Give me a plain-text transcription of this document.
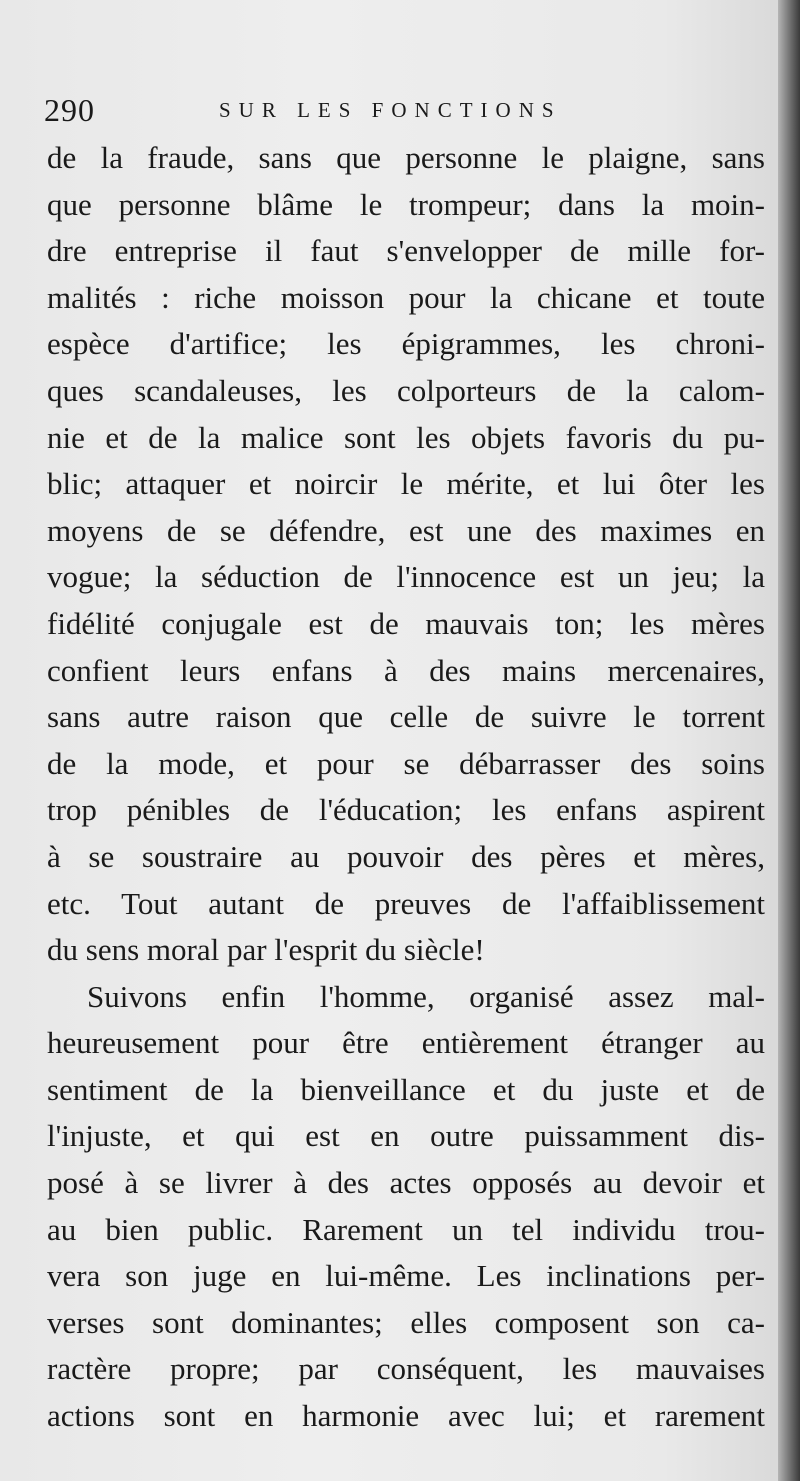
290	SUR LES FONCTIONS
de la fraude, sans que personne le plaigne, sans
que personne blâme le trompeur; dans la moin-
dre entreprise il faut s'envelopper de mille for-
malités : riche moisson pour la chicane et toute
espèce d'artifice; les épigrammes, les chroni-
ques scandaleuses, les colporteurs de la calom-
nie et de la malice sont les objets favoris du pu-
blic; attaquer et noircir le mérite, et lui ôter les
moyens de se défendre, est une des maximes en
vogue; la séduction de l'innocence est un jeu; la
fidélité conjugale est de mauvais ton; les mères
confient leurs enfans à des mains mercenaires,
sans autre raison que celle de suivre le torrent
de la mode, et pour se débarrasser des soins
trop pénibles de l'éducation; les enfans aspirent
à se soustraire au pouvoir des pères et mères,
etc. Tout autant de preuves de l'affaiblissement
du sens moral par l'esprit du siècle!
Suivons enfin l'homme, organisé assez mal-
heureusement pour être entièrement étranger au
sentiment de la bienveillance et du juste et de
l'injuste, et qui est en outre puissamment dis-
posé à se livrer à des actes opposés au devoir et
au bien public. Rarement un tel individu trou-
vera son juge en lui-même. Les inclinations per-
verses sont dominantes; elles composent son ca-
ractère propre; par conséquent, les mauvaises
actions sont en harmonie avec lui; et rarement
